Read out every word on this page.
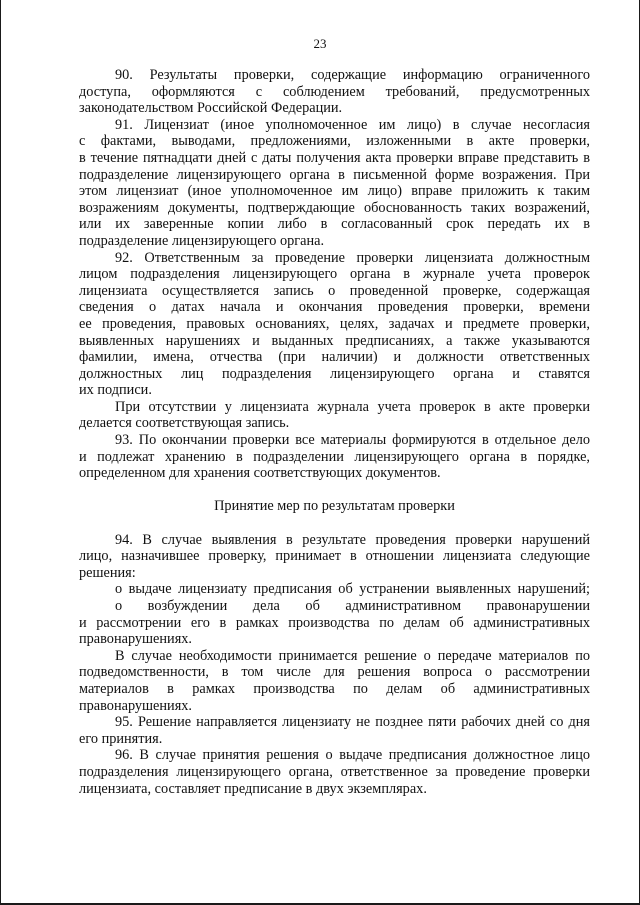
23
90. Результаты проверки, содержащие информацию ограниченного
доступа, оформляются с соблюдением требований, предусмотренных
законодательством Российской Федерации.
91. Лицензиат (иное уполномоченное им лицо) в случае несогласия
с фактами, выводами, предложениями, изложенными в акте проверки,
в течение пятнадцати дней с даты получения акта проверки вправе представить в
подразделение лицензирующего органа в письменной форме возражения. При
этом лицензиат (иное уполномоченное им лицо) вправе приложить к таким
возражениям документы, подтверждающие обоснованность таких возражений,
или их заверенные копии либо в согласованный срок передать их в
подразделение лицензирующего органа.
92. Ответственным за проведение проверки лицензиата должностным
лицом подразделения лицензирующего органа в журнале учета проверок
лицензиата осуществляется запись о проведенной проверке, содержащая
сведения о датах начала и окончания проведения проверки, времени
ее проведения, правовых основаниях, целях, задачах и предмете проверки,
выявленных нарушениях и выданных предписаниях, а также указываются
фамилии, имена, отчества (при наличии) и должности ответственных
должностных лиц подразделения лицензирующего органа и ставятся
их подписи.
При отсутствии у лицензиата журнала учета проверок в акте проверки
делается соответствующая запись.
93. По окончании проверки все материалы формируются в отдельное дело
и подлежат хранению в подразделении лицензирующего органа в порядке,
определенном для хранения соответствующих документов.
Принятие мер по результатам проверки
94. В случае выявления в результате проведения проверки нарушений
лицо, назначившее проверку, принимает в отношении лицензиата следующие
решения:
о выдаче лицензиату предписания об устранении выявленных нарушений;
о возбуждении дела об административном правонарушении
и рассмотрении его в рамках производства по делам об административных
правонарушениях.
В случае необходимости принимается решение о передаче материалов по
подведомственности, в том числе для решения вопроса о рассмотрении
материалов в рамках производства по делам об административных
правонарушениях.
95. Решение направляется лицензиату не позднее пяти рабочих дней со дня
его принятия.
96. В случае принятия решения о выдаче предписания должностное лицо
подразделения лицензирующего органа, ответственное за проведение проверки
лицензиата, составляет предписание в двух экземплярах.
